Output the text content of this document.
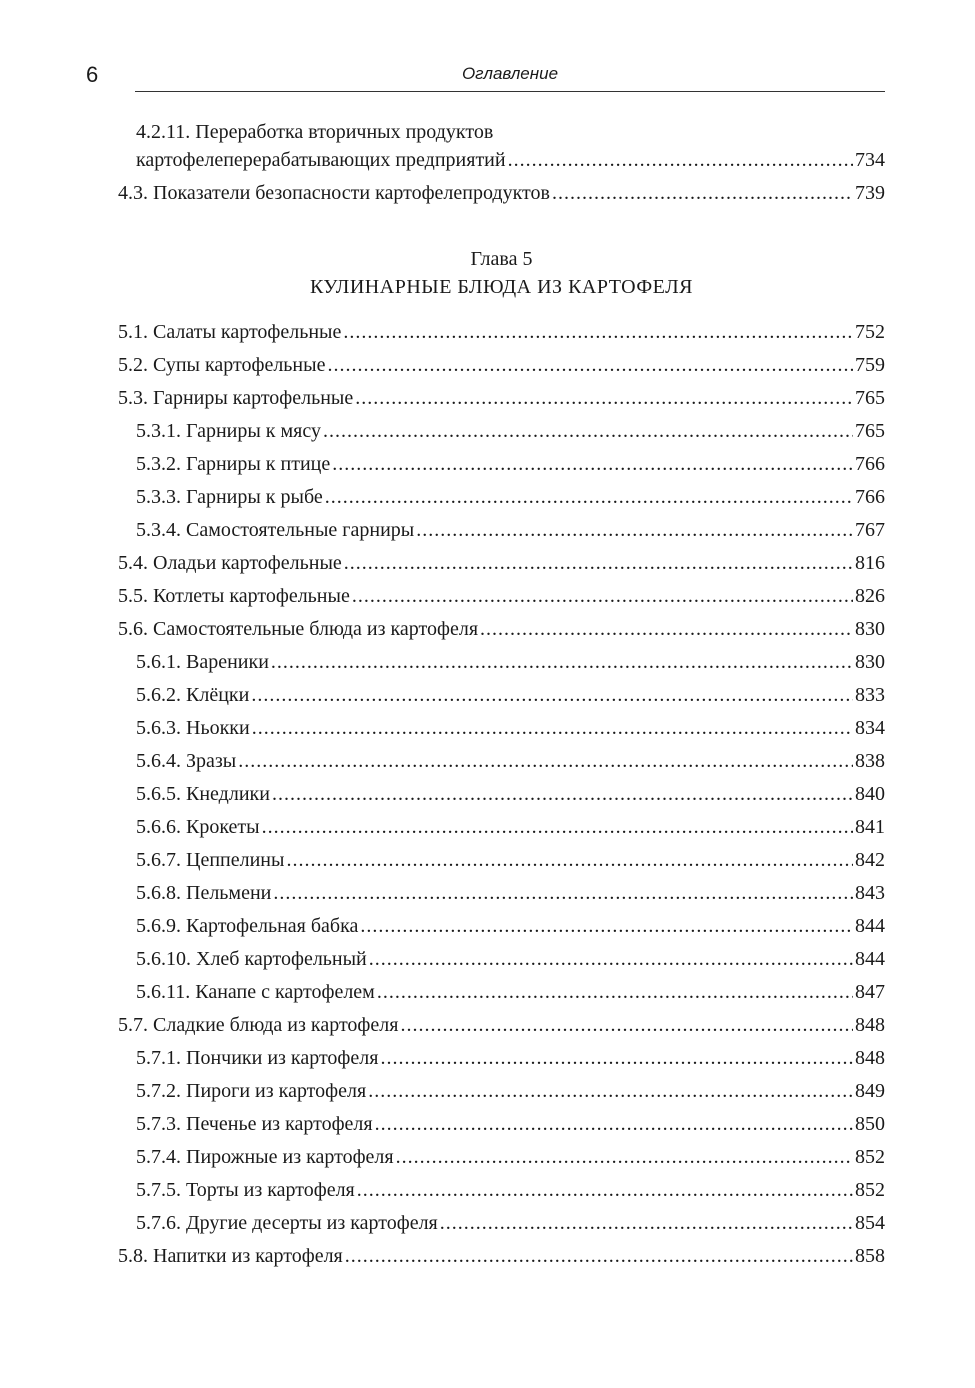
6	Оглавление
4.2.11. Переработка вторичных продуктов
картофелеперерабатывающих предприятий .....	734
4.3. Показатели безопасности картофелепродуктов .....	739
Глава 5
КУЛИНАРНЫЕ БЛЮДА ИЗ КАРТОФЕЛЯ
5.1. Салаты картофельные .....	752
5.2. Супы картофельные .....	759
5.3. Гарниры картофельные .....	765
5.3.1. Гарниры к мясу .....	765
5.3.2. Гарниры к птице .....	766
5.3.3. Гарниры к рыбе .....	766
5.3.4. Самостоятельные гарниры .....	767
5.4. Оладьи картофельные .....	816
5.5. Котлеты картофельные .....	826
5.6. Самостоятельные блюда из картофеля .....	830
5.6.1. Вареники .....	830
5.6.2. Клёцки .....	833
5.6.3. Ньокки .....	834
5.6.4. Зразы .....	838
5.6.5. Кнедлики .....	840
5.6.6. Крокеты .....	841
5.6.7. Цеппелины .....	842
5.6.8. Пельмени .....	843
5.6.9. Картофельная бабка .....	844
5.6.10. Хлеб картофельный .....	844
5.6.11. Канапе с картофелем .....	847
5.7. Сладкие блюда из картофеля .....	848
5.7.1. Пончики из картофеля .....	848
5.7.2. Пироги из картофеля .....	849
5.7.3. Печенье из картофеля .....	850
5.7.4. Пирожные из картофеля .....	852
5.7.5. Торты из картофеля .....	852
5.7.6. Другие десерты из картофеля .....	854
5.8. Напитки из картофеля .....	858
